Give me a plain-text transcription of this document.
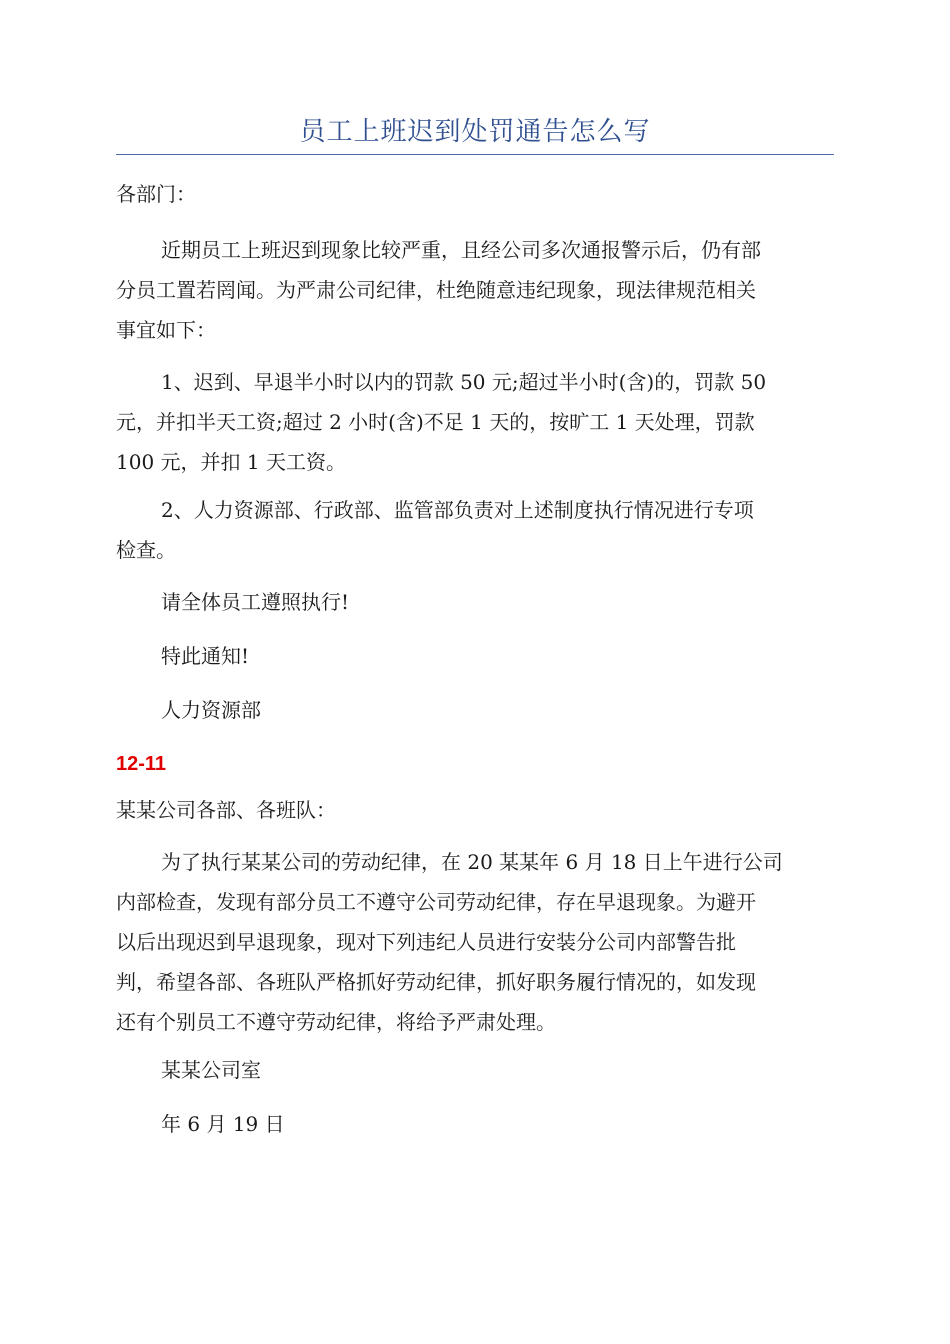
员工上班迟到处罚通告怎么写
各部门：
近期员工上班迟到现象比较严重，且经公司多次通报警示后，仍有部
分员工置若罔闻。为严肃公司纪律，杜绝随意违纪现象，现法律规范相关
事宜如下：
1、迟到、早退半小时以内的罚款 50 元;超过半小时(含)的，罚款 50
元，并扣半天工资;超过 2 小时(含)不足 1 天的，按旷工 1 天处理，罚款
100 元，并扣 1 天工资。
2、人力资源部、行政部、监管部负责对上述制度执行情况进行专项
检查。
请全体员工遵照执行!
特此通知!
人力资源部
12-11
某某公司各部、各班队：
为了执行某某公司的劳动纪律，在 20 某某年 6 月 18 日上午进行公司
内部检查，发现有部分员工不遵守公司劳动纪律，存在早退现象。为避开
以后出现迟到早退现象，现对下列违纪人员进行安装分公司内部警告批
判，希望各部、各班队严格抓好劳动纪律，抓好职务履行情况的，如发现
还有个别员工不遵守劳动纪律，将给予严肃处理。
某某公司室
年 6 月 19 日
